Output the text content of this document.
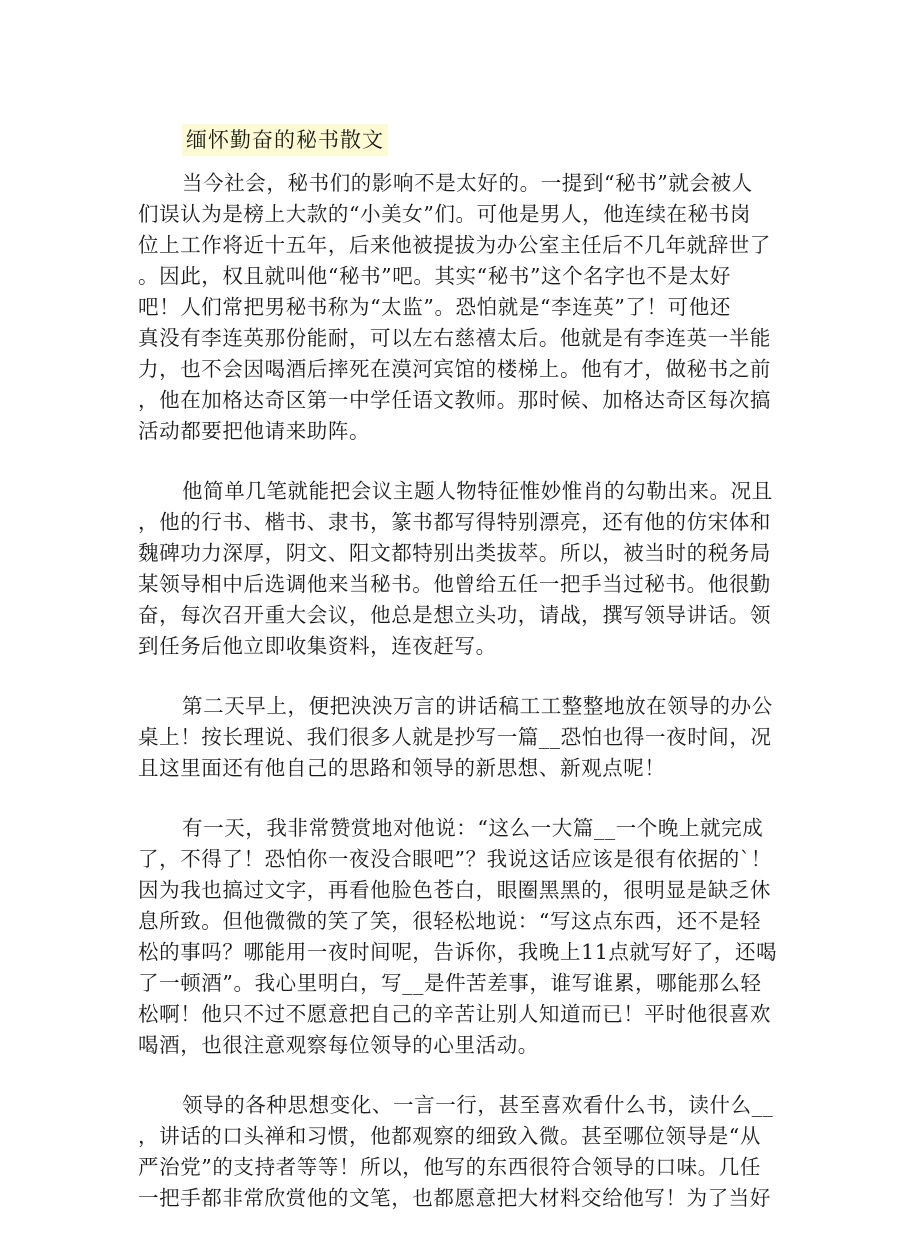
缅怀勤奋的秘书散文

当今社会，秘书们的影响不是太好的。一提到“秘书”就会被人
们误认为是榜上大款的“小美女”们。可他是男人，他连续在秘书岗
位上工作将近十五年，后来他被提拔为办公室主任后不几年就辞世了
。因此，权且就叫他“秘书”吧。其实“秘书”这个名字也不是太好
吧！人们常把男秘书称为“太监”。恐怕就是“李连英”了！可他还
真没有李连英那份能耐，可以左右慈禧太后。他就是有李连英一半能
力，也不会因喝酒后摔死在漠河宾馆的楼梯上。他有才，做秘书之前
，他在加格达奇区第一中学任语文教师。那时候、加格达奇区每次搞
活动都要把他请来助阵。

他简单几笔就能把会议主题人物特征惟妙惟肖的勾勒出来。况且
，他的行书、楷书、隶书，篆书都写得特别漂亮，还有他的仿宋体和
魏碑功力深厚，阴文、阳文都特别出类拔萃。所以，被当时的税务局
某领导相中后选调他来当秘书。他曾给五任一把手当过秘书。他很勤
奋，每次召开重大会议，他总是想立头功，请战，撰写领导讲话。领
到任务后他立即收集资料，连夜赶写。

第二天早上，便把泱泱万言的讲话稿工工整整地放在领导的办公
桌上！按长理说、我们很多人就是抄写一篇__恐怕也得一夜时间，况
且这里面还有他自己的思路和领导的新思想、新观点呢！

有一天，我非常赞赏地对他说：“这么一大篇__一个晚上就完成
了，不得了！恐怕你一夜没合眼吧”？我说这话应该是很有依据的`！
因为我也搞过文字，再看他脸色苍白，眼圈黑黑的，很明显是缺乏休
息所致。但他微微的笑了笑，很轻松地说：“写这点东西，还不是轻
松的事吗？哪能用一夜时间呢，告诉你，我晚上11点就写好了，还喝
了一顿酒”。我心里明白，写__是件苦差事，谁写谁累，哪能那么轻
松啊！他只不过不愿意把自己的辛苦让别人知道而已！平时他很喜欢
喝酒，也很注意观察每位领导的心里活动。

领导的各种思想变化、一言一行，甚至喜欢看什么书，读什么__
，讲话的口头禅和习惯，他都观察的细致入微。甚至哪位领导是“从
严治党”的支持者等等！所以，他写的东西很符合领导的口味。几任
一把手都非常欣赏他的文笔，也都愿意把大材料交给他写！为了当好
